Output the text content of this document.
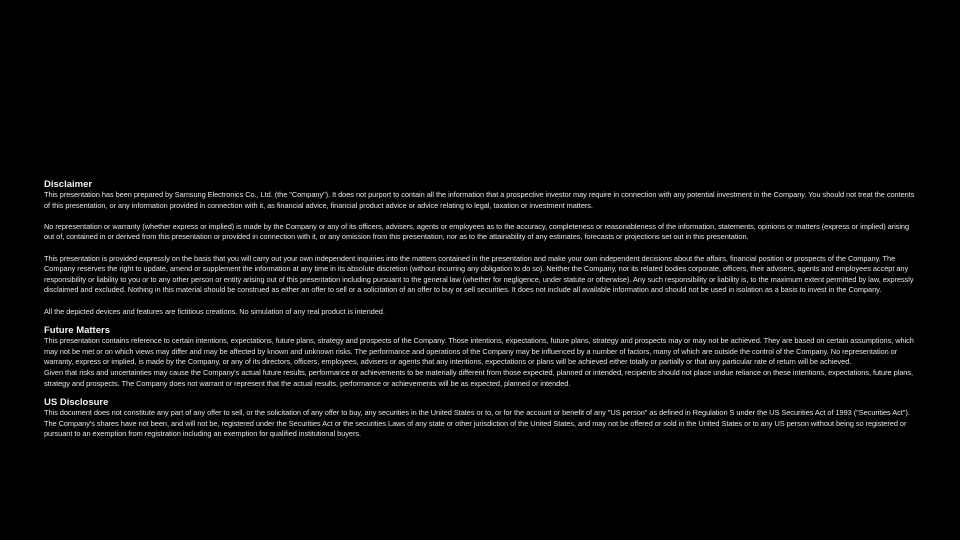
Disclaimer

This presentation has been prepared by Samsung Electronics Co., Ltd. (the "Company"). It does not purport to contain all the information that a prospective investor may require in connection with any potential investment in the Company. You should not treat the contents of this presentation, or any information provided in connection with it, as financial advice, financial product advice or advice relating to legal, taxation or investment matters.

No representation or warranty (whether express or implied) is made by the Company or any of its officers, advisers, agents or employees as to the accuracy, completeness or reasonableness of the information, statements, opinions or matters (express or implied) arising out of, contained in or derived from this presentation or provided in connection with it, or any omission from this presentation, nor as to the attainability of any estimates, forecasts or projections set out in this presentation.

This presentation is provided expressly on the basis that you will carry out your own independent inquiries into the matters contained in the presentation and make your own independent decisions about the affairs, financial position or prospects of the Company. The Company reserves the right to update, amend or supplement the information at any time in its absolute discretion (without incurring any obligation to do so). Neither the Company, nor its related bodies corporate, officers, their advisers, agents and employees accept any responsibility or liability to you or to any other person or entity arising out of this presentation including pursuant to the general law (whether for negligence, under statute or otherwise). Any such responsibility or liability is, to the maximum extent permitted by law, expressly disclaimed and excluded. Nothing in this material should be construed as either an offer to sell or a solicitation of an offer to buy or sell securities. It does not include all available information and should not be used in isolation as a basis to invest in the Company.

All the depicted devices and features are fictitious creations. No simulation of any real product is intended.

Future Matters

This presentation contains reference to certain intentions, expectations, future plans, strategy and prospects of the Company. Those intentions, expectations, future plans, strategy and prospects may or may not be achieved. They are based on certain assumptions, which may not be met or on which views may differ and may be affected by known and unknown risks. The performance and operations of the Company may be influenced by a number of factors, many of which are outside the control of the Company. No representation or warranty, express or implied, is made by the Company, or any of its directors, officers, employees, advisers or agents that any intentions, expectations or plans will be achieved either totally or partially or that any particular rate of return will be achieved.

Given that risks and uncertainties may cause the Company's actual future results, performance or achievements to be materially different from those expected, planned or intended, recipients should not place undue reliance on these intentions, expectations, future plans, strategy and prospects. The Company does not warrant or represent that the actual results, performance or achievements will be as expected, planned or intended.

US Disclosure

This document does not constitute any part of any offer to sell, or the solicitation of any offer to buy, any securities in the United States or to, or for the account or benefit of any "US person" as defined in Regulation S under the US Securities Act of 1993 ("Securities Act"). The Company's shares have not been, and will not be, registered under the Securities Act or the securities Laws of any state or other jurisdiction of the United States, and may not be offered or sold in the United States or to any US person without being so registered or pursuant to an exemption from registration including an exemption for qualified institutional buyers.
